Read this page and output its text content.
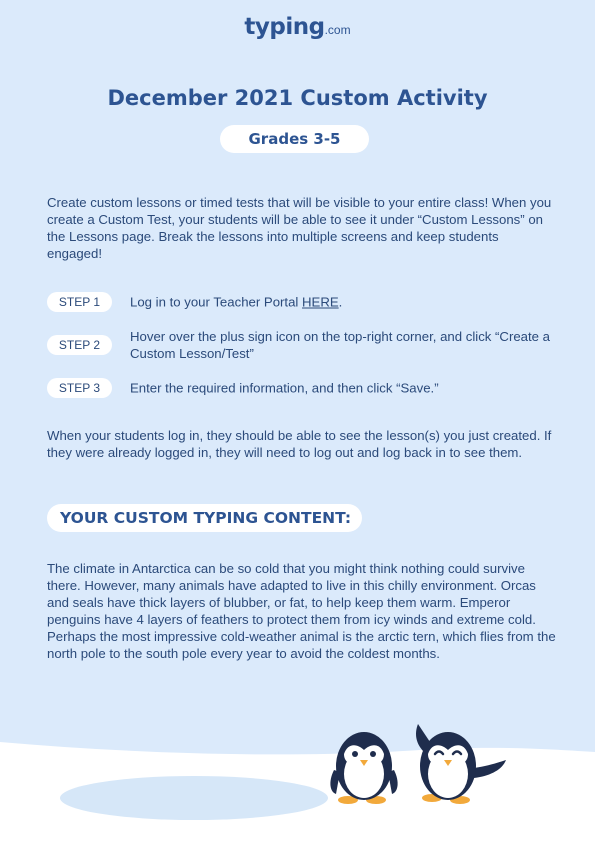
typing.com
December 2021 Custom Activity
Grades 3-5
Create custom lessons or timed tests that will be visible to your entire class! When you create a Custom Test, your students will be able to see it under “Custom Lessons” on the Lessons page. Break the lessons into multiple screens and keep students engaged!
STEP 1	Log in to your Teacher Portal HERE.
STEP 2
Hover over the plus sign icon on the top-right corner, and click “Create a Custom Lesson/Test”
STEP 3	Enter the required information, and then click “Save.”
When your students log in, they should be able to see the lesson(s) you just created. If they were already logged in, they will need to log out and log back in to see them.
YOUR CUSTOM TYPING CONTENT:
The climate in Antarctica can be so cold that you might think nothing could survive there. However, many animals have adapted to live in this chilly environment. Orcas and seals have thick layers of blubber, or fat, to help keep them warm. Emperor penguins have 4 layers of feathers to protect them from icy winds and extreme cold. Perhaps the most impressive cold-weather animal is the arctic tern, which flies from the north pole to the south pole every year to avoid the coldest months.
